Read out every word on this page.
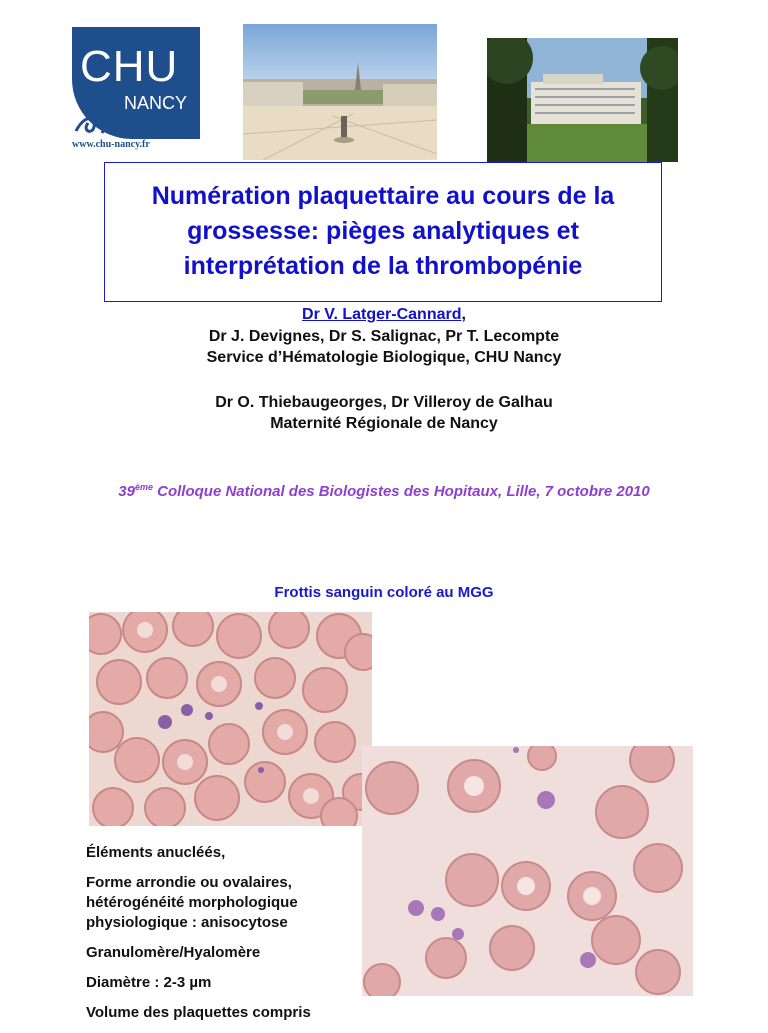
CHU
NANCY
www.chu-nancy.fr
Numération plaquettaire au cours de la grossesse: pièges analytiques et interprétation de la thrombopénie
Dr V. Latger-Cannard,
Dr J. Devignes, Dr S. Salignac, Pr T. Lecompte
Service d’Hématologie Biologique, CHU Nancy
Dr O. Thiebaugeorges, Dr Villeroy de Galhau
Maternité Régionale de Nancy
39ème Colloque National des Biologistes des Hopitaux, Lille, 7 octobre 2010
Frottis sanguin coloré au MGG
Éléments anucléés,
Forme arrondie ou ovalaires, hétérogénéité morphologique physiologique : anisocytose
Granulomère/Hyalomère
Diamètre : 2-3 µm
Volume des plaquettes compris
